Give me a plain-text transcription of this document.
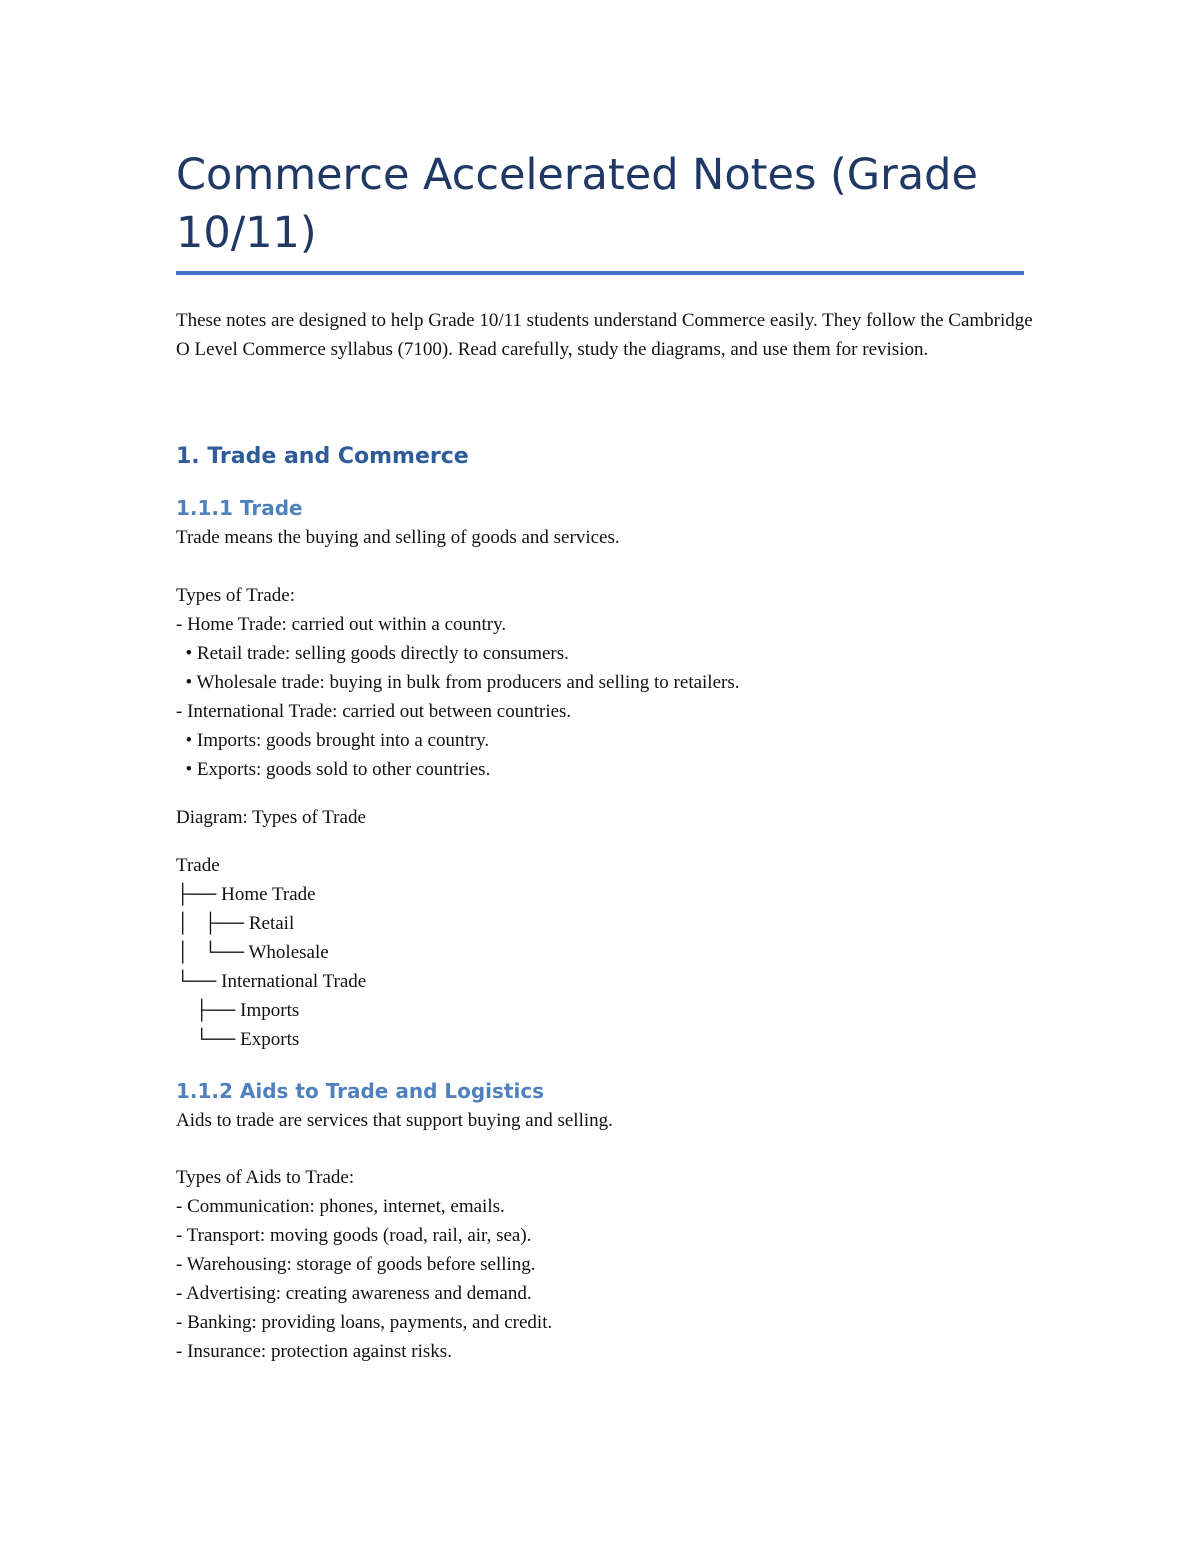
Commerce Accelerated Notes (Grade 10/11)

These notes are designed to help Grade 10/11 students understand Commerce easily. They follow the Cambridge O Level Commerce syllabus (7100). Read carefully, study the diagrams, and use them for revision.

1. Trade and Commerce
1.1.1 Trade

Trade means the buying and selling of goods and services.

Types of Trade:

- Home Trade: carried out within a country.

• Retail trade: selling goods directly to consumers.

• Wholesale trade: buying in bulk from producers and selling to retailers.

- International Trade: carried out between countries.

• Imports: goods brought into a country.

• Exports: goods sold to other countries.

Diagram: Types of Trade

Trade

├── Home Trade

│   ├── Retail

│   └── Wholesale

└── International Trade

├── Imports

└── Exports

1.1.2 Aids to Trade and Logistics

Aids to trade are services that support buying and selling.

Types of Aids to Trade:

- Communication: phones, internet, emails.

- Transport: moving goods (road, rail, air, sea).

- Warehousing: storage of goods before selling.

- Advertising: creating awareness and demand.

- Banking: providing loans, payments, and credit.

- Insurance: protection against risks.
